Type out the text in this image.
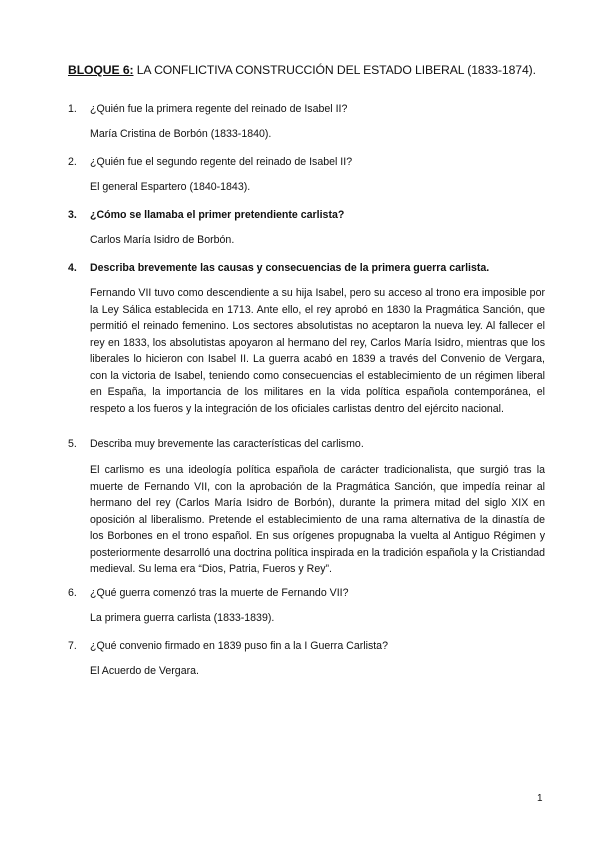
BLOQUE 6: LA CONFLICTIVA CONSTRUCCIÓN DEL ESTADO LIBERAL (1833-1874).
1. ¿Quién fue la primera regente del reinado de Isabel II?
María Cristina de Borbón (1833-1840).
2. ¿Quién fue el segundo regente del reinado de Isabel II?
El general Espartero (1840-1843).
3. ¿Cómo se llamaba el primer pretendiente carlista?
Carlos María Isidro de Borbón.
4. Describa brevemente las causas y consecuencias de la primera guerra carlista.
Fernando VII tuvo como descendiente a su hija Isabel, pero su acceso al trono era imposible por la Ley Sálica establecida en 1713. Ante ello, el rey aprobó en 1830 la Pragmática Sanción, que permitió el reinado femenino. Los sectores absolutistas no aceptaron la nueva ley. Al fallecer el rey en 1833, los absolutistas apoyaron al hermano del rey, Carlos María Isidro, mientras que los liberales lo hicieron con Isabel II. La guerra acabó en 1839 a través del Convenio de Vergara, con la victoria de Isabel, teniendo como consecuencias el establecimiento de un régimen liberal en España, la importancia de los militares en la vida política española contemporánea, el respeto a los fueros y la integración de los oficiales carlistas dentro del ejército nacional.
5. Describa muy brevemente las características del carlismo.
El carlismo es una ideología política española de carácter tradicionalista, que surgió tras la muerte de Fernando VII, con la aprobación de la Pragmática Sanción, que impedía reinar al hermano del rey (Carlos María Isidro de Borbón), durante la primera mitad del siglo XIX en oposición al liberalismo. Pretende el establecimiento de una rama alternativa de la dinastía de los Borbones en el trono español. En sus orígenes propugnaba la vuelta al Antiguo Régimen y posteriormente desarrolló una doctrina política inspirada en la tradición española y la Cristiandad medieval. Su lema era “Dios, Patria, Fueros y Rey”.
6. ¿Qué guerra comenzó tras la muerte de Fernando VII?
La primera guerra carlista (1833-1839).
7. ¿Qué convenio firmado en 1839 puso fin a la I Guerra Carlista?
El Acuerdo de Vergara.
1
